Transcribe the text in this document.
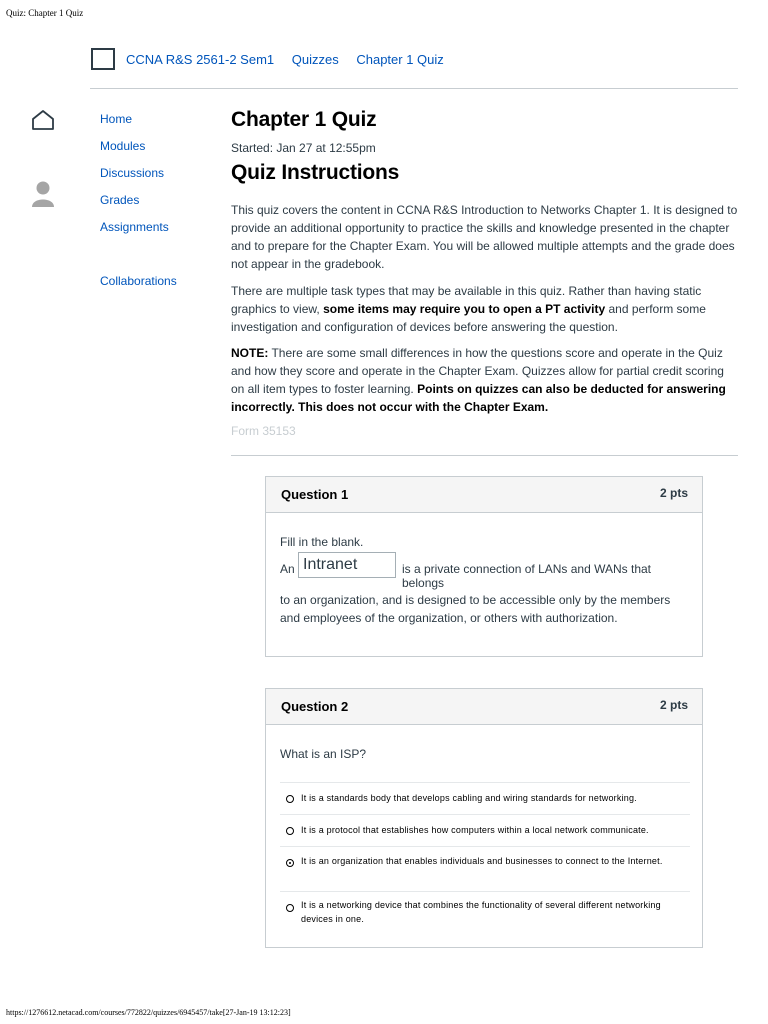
Quiz: Chapter 1 Quiz
CCNA R&S 2561-2 Sem1 Quizzes Chapter 1 Quiz
Home
Modules
Discussions
Grades
Assignments
Collaborations
Chapter 1 Quiz
Started: Jan 27 at 12:55pm
Quiz Instructions

This quiz covers the content in CCNA R&S Introduction to Networks Chapter 1. It is designed to provide an additional opportunity to practice the skills and knowledge presented in the chapter and to prepare for the Chapter Exam. You will be allowed multiple attempts and the grade does not appear in the gradebook.

There are multiple task types that may be available in this quiz. Rather than having static graphics to view, some items may require you to open a PT activity and perform some investigation and configuration of devices before answering the question.

NOTE: There are some small differences in how the questions score and operate in the Quiz and how they score and operate in the Chapter Exam. Quizzes allow for partial credit scoring on all item types to foster learning. Points on quizzes can also be deducted for answering incorrectly. This does not occur with the Chapter Exam.

Form 35153
Question 1	2 pts
Fill in the blank.
An
Intranet	is a private connection of LANs and WANs that belongs
to an organization, and is designed to be accessible only by the members and employees of the organization, or others with authorization.
Question 2	2 pts
What is an ISP?
It is a standards body that develops cabling and wiring standards for networking.
It is a protocol that establishes how computers within a local network communicate.
It is an organization that enables individuals and businesses to connect to the Internet.
It is a networking device that combines the functionality of several different networking devices in one.
https://1276612.netacad.com/courses/772822/quizzes/6945457/take[27-Jan-19 13:12:23]
